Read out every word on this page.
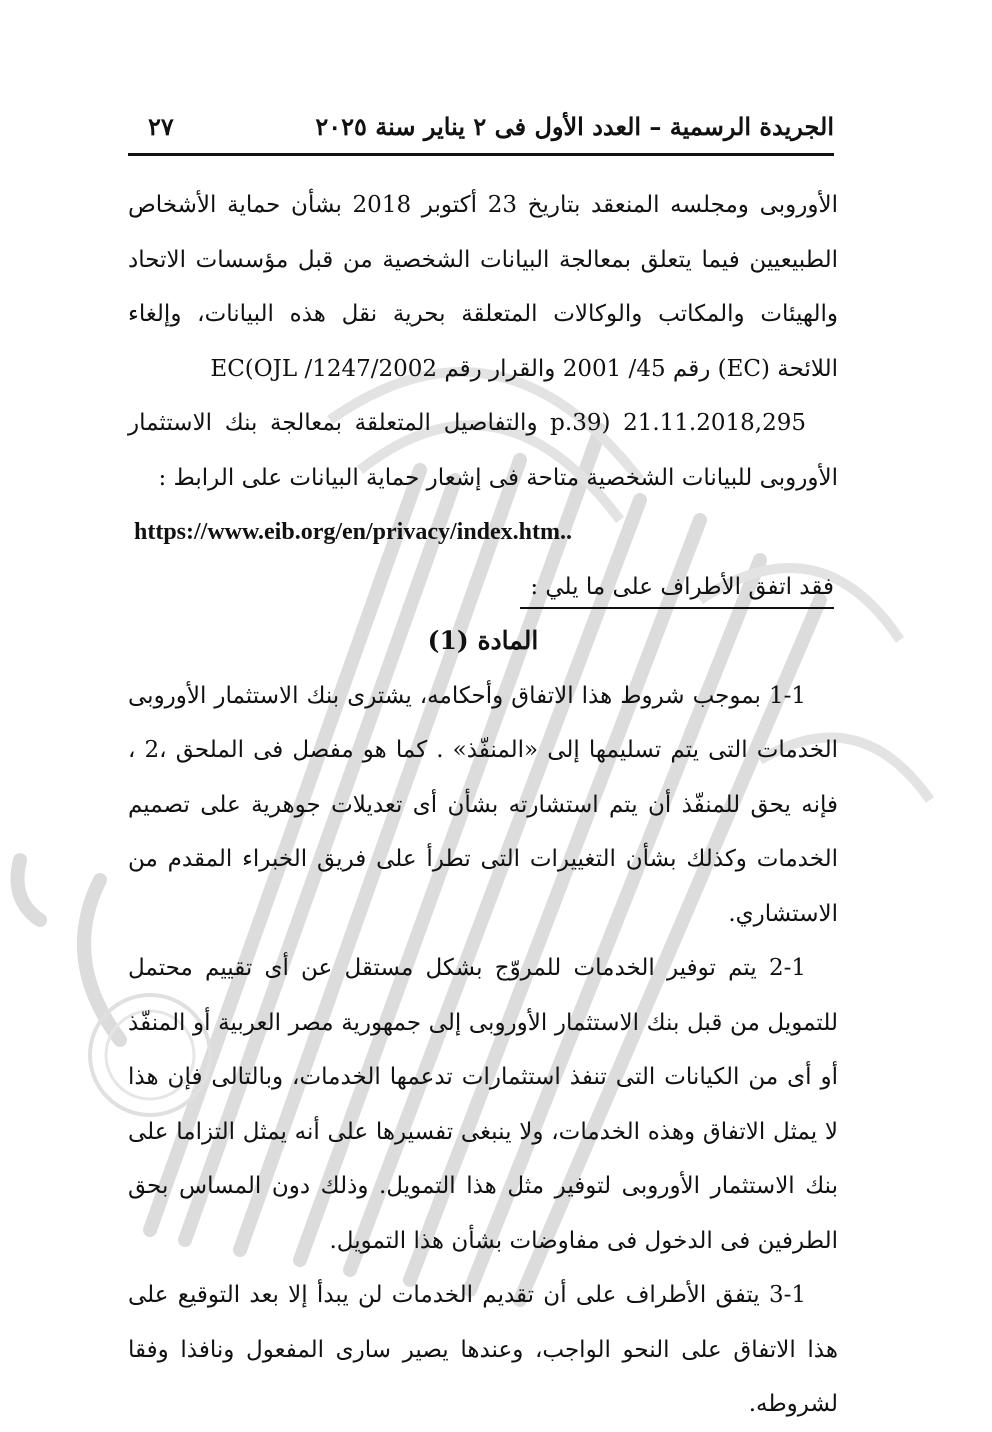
الجريدة الرسمية – العدد الأول فى ٢ يناير سنة ٢٠٢٥
٢٧

الأوروبى ومجلسه المنعقد بتاريخ 23 أكتوبر 2018 بشأن حماية الأشخاص الطبيعيين فيما يتعلق بمعالجة البيانات الشخصية من قبل مؤسسات الاتحاد والهيئات والمكاتب والوكالات المتعلقة بحرية نقل هذه البيانات، وإلغاء اللائحة (EC) رقم 45/ 2001 والقرار رقم 1247/2002/ EC(OJL

21.11.2018,295 (p.39 والتفاصيل المتعلقة بمعالجة بنك الاستثمار الأوروبى للبيانات الشخصية متاحة فى إشعار حماية البيانات على الرابط :

https://www.eib.org/en/privacy/index.htm..

فقد اتفق الأطراف على ما يلي :

المادة (1)

1-1 بموجب شروط هذا الاتفاق وأحكامه، يشترى بنك الاستثمار الأوروبى الخدمات التى يتم تسليمها إلى «المنفّذ» . كما هو مفصل فى الملحق ،2 ، فإنه يحق للمنفّذ أن يتم استشارته بشأن أى تعديلات جوهرية على تصميم الخدمات وكذلك بشأن التغييرات التى تطرأ على فريق الخبراء المقدم من الاستشاري.

2-1 يتم توفير الخدمات للمروّج بشكل مستقل عن أى تقييم محتمل للتمويل من قبل بنك الاستثمار الأوروبى إلى جمهورية مصر العربية أو المنفّذ أو أى من الكيانات التى تنفذ استثمارات تدعمها الخدمات، وبالتالى فإن هذا لا يمثل الاتفاق وهذه الخدمات، ولا ينبغى تفسيرها على أنه يمثل التزاما على بنك الاستثمار الأوروبى لتوفير مثل هذا التمويل. وذلك دون المساس بحق الطرفين فى الدخول فى مفاوضات بشأن هذا التمويل.

3-1 يتفق الأطراف على أن تقديم الخدمات لن يبدأ إلا بعد التوقيع على هذا الاتفاق على النحو الواجب، وعندها يصير سارى المفعول ونافذا وفقا لشروطه.
